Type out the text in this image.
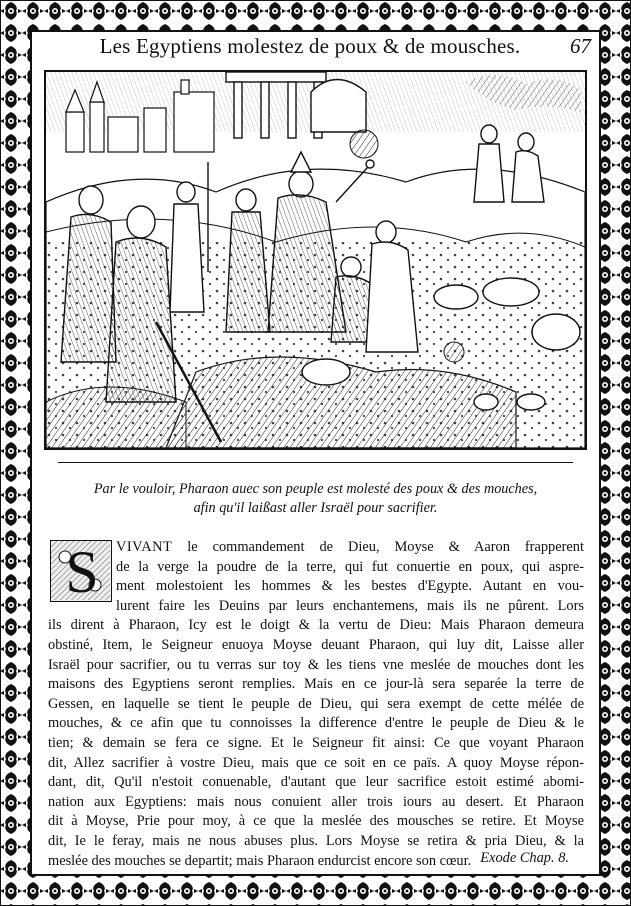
Les Egyptiens molestez de poux & de mousches.	67
Par le vouloir, Pharaon auec son peuple est molesté des poux & des mouches,
afin qu'il laißast aller Israël pour sacrifier.
S	VIVANT le commandement de Dieu, Moyse & Aaron frapperent
de la verge la poudre de la terre, qui fut conuertie en poux, qui aspre-
ment molestoient les hommes & les bestes d'Egypte. Autant en vou-
lurent faire les Deuins par leurs enchantemens, mais ils ne pûrent. Lors
ils dirent à Pharaon, Icy est le doigt & la vertu de Dieu: Mais Pharaon demeura
obstiné, Item, le Seigneur enuoya Moyse deuant Pharaon, qui luy dit, Laisse aller
Israël pour sacrifier, ou tu verras sur toy & les tiens vne meslée de mouches dont les
maisons des Egyptiens seront remplies. Mais en ce jour-là sera separée la terre de
Gessen, en laquelle se tient le peuple de Dieu, qui sera exempt de cette mélée de
mouches, & ce afin que tu connoisses la difference d'entre le peuple de Dieu & le
tien; & demain se fera ce signe. Et le Seigneur fit ainsi: Ce que voyant Pharaon
dit, Allez sacrifier à vostre Dieu, mais que ce soit en ce païs. A quoy Moyse répon-
dant, dit, Qu'il n'estoit conuenable, d'autant que leur sacrifice estoit estimé abomi-
nation aux Egyptiens: mais nous conuient aller trois iours au desert. Et Pharaon
dit à Moyse, Prie pour moy, à ce que la meslée des mousches se retire. Et Moyse
dit, Ie le feray, mais ne nous abuses plus. Lors Moyse se retira & pria Dieu, & la
meslée des mouches se departit; mais Pharaon endurcist encore son cœur. Exode Chap. 8.
